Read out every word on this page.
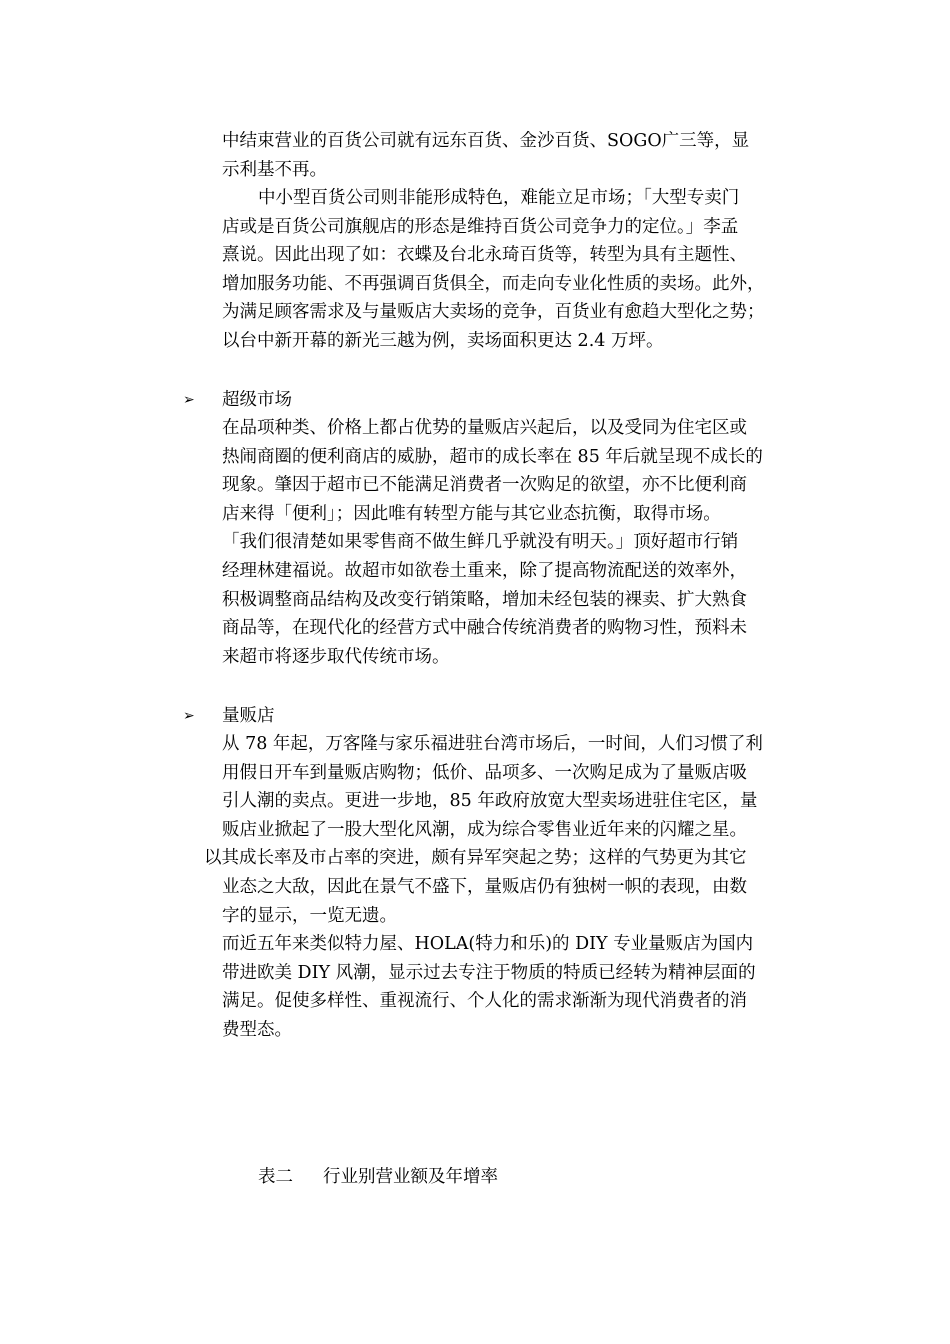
中结束营业的百货公司就有远东百货、金沙百货、SOGO广三等，显
示利基不再。
中小型百货公司则非能形成特色，难能立足市场；「大型专卖门
店或是百货公司旗舰店的形态是维持百货公司竞争力的定位。」李孟
熹说。因此出现了如：衣蝶及台北永琦百货等，转型为具有主题性、
增加服务功能、不再强调百货俱全，而走向专业化性质的卖场。此外，
为满足顾客需求及与量贩店大卖场的竞争，百货业有愈趋大型化之势；
以台中新开幕的新光三越为例，卖场面积更达 2.4 万坪。
➢ 超级市场
在品项种类、价格上都占优势的量贩店兴起后，以及受同为住宅区或
热闹商圈的便利商店的威胁，超市的成长率在 85 年后就呈现不成长的
现象。肇因于超市已不能满足消费者一次购足的欲望，亦不比便利商
店来得「便利」；因此唯有转型方能与其它业态抗衡，取得市场。
「我们很清楚如果零售商不做生鲜几乎就没有明天。」顶好超市行销
经理林建福说。故超市如欲卷土重来，除了提高物流配送的效率外，
积极调整商品结构及改变行销策略，增加未经包装的裸卖、扩大熟食
商品等，在现代化的经营方式中融合传统消费者的购物习性，预料未
来超市将逐步取代传统市场。
➢ 量贩店
从 78 年起，万客隆与家乐福进驻台湾市场后，一时间，人们习惯了利
用假日开车到量贩店购物；低价、品项多、一次购足成为了量贩店吸
引人潮的卖点。更进一步地，85 年政府放宽大型卖场进驻住宅区，量
贩店业掀起了一股大型化风潮，成为综合零售业近年来的闪耀之星。
以其成长率及市占率的突进，颇有异军突起之势；这样的气势更为其它
业态之大敌，因此在景气不盛下，量贩店仍有独树一帜的表现，由数
字的显示，一览无遗。
而近五年来类似特力屋、HOLA(特力和乐)的 DIY 专业量贩店为国内
带进欧美 DIY 风潮，显示过去专注于物质的特质已经转为精神层面的
满足。促使多样性、重视流行、个人化的需求渐渐为现代消费者的消
费型态。
表二 行业别营业额及年增率
